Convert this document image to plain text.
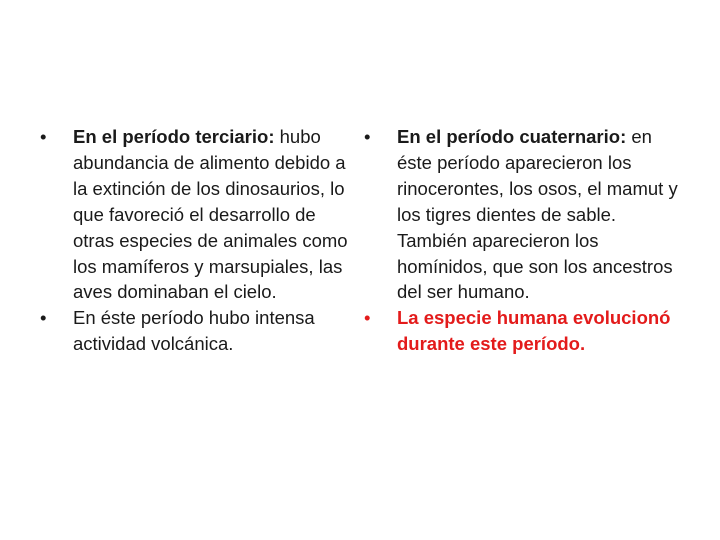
•	En el período terciario: hubo abundancia de alimento debido a la extinción de los dinosaurios, lo que favoreció el desarrollo de otras especies de animales como los mamíferos y marsupiales, las aves dominaban el cielo.
•	En éste período hubo intensa actividad volcánica.
•	En el período cuaternario: en éste período aparecieron los rinocerontes, los osos, el mamut y los tigres dientes de sable. También aparecieron los homínidos, que son los ancestros del ser humano.
•	La especie humana evolucionó durante este período.
